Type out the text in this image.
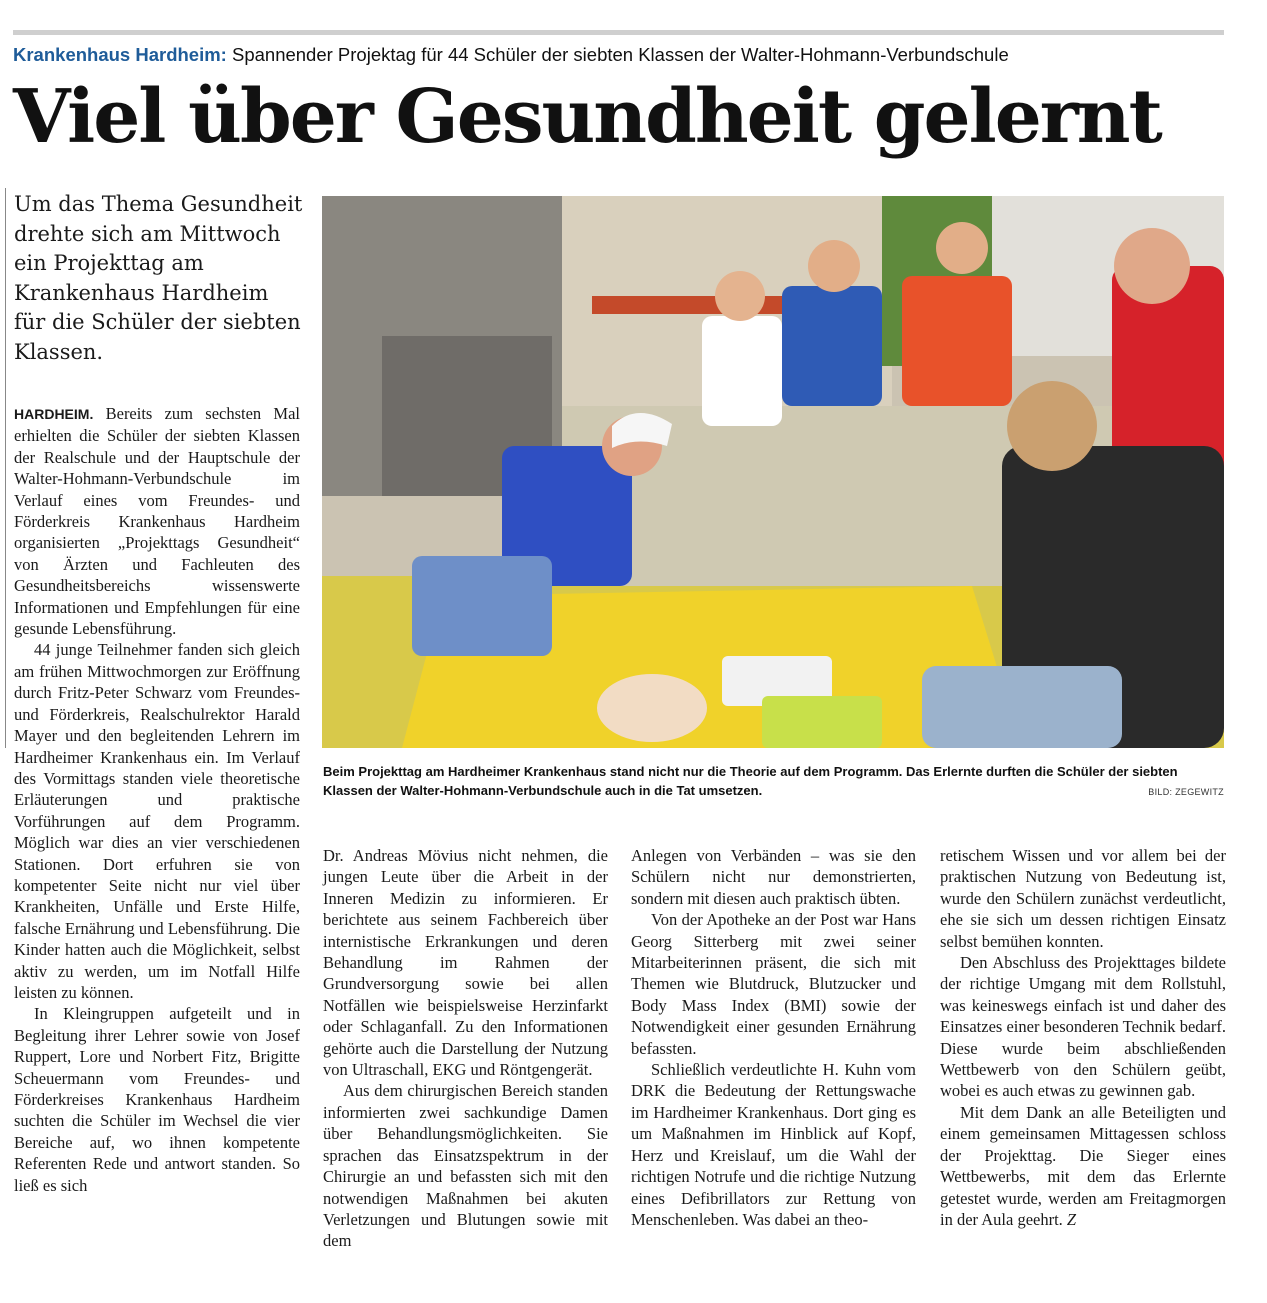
Krankenhaus Hardheim: Spannender Projektag für 44 Schüler der siebten Klassen der Walter-Hohmann-Verbundschule
Viel über Gesundheit gelernt

Um das Thema Gesundheit drehte sich am Mittwoch ein Projekttag am Krankenhaus Hardheim für die Schüler der siebten Klassen.

HARDHEIM. Bereits zum sechsten Mal erhielten die Schüler der siebten Klassen der Realschule und der Hauptschule der Walter-Hohmann-Verbundschule im Verlauf eines vom Freundes- und Förderkreis Krankenhaus Hardheim organisierten „Projekttags Gesundheit“ von Ärzten und Fachleuten des Gesundheitsbereichs wissenswerte Informationen und Empfehlungen für eine gesunde Lebensführung.

44 junge Teilnehmer fanden sich gleich am frühen Mittwochmorgen zur Eröffnung durch Fritz-Peter Schwarz vom Freundes- und Förderkreis, Realschulrektor Harald Mayer und den begleitenden Lehrern im Hardheimer Krankenhaus ein. Im Verlauf des Vormittags standen viele theoretische Erläuterungen und praktische Vorführungen auf dem Programm. Möglich war dies an vier verschiedenen Stationen. Dort erfuhren sie von kompetenter Seite nicht nur viel über Krankheiten, Unfälle und Erste Hilfe, falsche Ernährung und Lebensführung. Die Kinder hatten auch die Möglichkeit, selbst aktiv zu werden, um im Notfall Hilfe leisten zu können.

In Kleingruppen aufgeteilt und in Begleitung ihrer Lehrer sowie von Josef Ruppert, Lore und Norbert Fitz, Brigitte Scheuermann vom Freundes- und Förderkreises Krankenhaus Hardheim suchten die Schüler im Wechsel die vier Bereiche auf, wo ihnen kompetente Referenten Rede und antwort standen. So ließ es sich

Dr. Andreas Mövius nicht nehmen, die jungen Leute über die Arbeit in der Inneren Medizin zu informieren. Er berichtete aus seinem Fachbereich über internistische Erkrankungen und deren Behandlung im Rahmen der Grundversorgung sowie bei allen Notfällen wie beispielsweise Herzinfarkt oder Schlaganfall. Zu den Informationen gehörte auch die Darstellung der Nutzung von Ultraschall, EKG und Röntgengerät.

Aus dem chirurgischen Bereich standen informierten zwei sachkundige Damen über Behandlungsmöglichkeiten. Sie sprachen das Einsatzspektrum in der Chirurgie an und befassten sich mit den notwendigen Maßnahmen bei akuten Verletzungen und Blutungen sowie mit dem

Anlegen von Verbänden – was sie den Schülern nicht nur demonstrierten, sondern mit diesen auch praktisch übten.

Von der Apotheke an der Post war Hans Georg Sitterberg mit zwei seiner Mitarbeiterinnen präsent, die sich mit Themen wie Blutdruck, Blutzucker und Body Mass Index (BMI) sowie der Notwendigkeit einer gesunden Ernährung befassten.

Schließlich verdeutlichte H. Kuhn vom DRK die Bedeutung der Rettungswache im Hardheimer Krankenhaus. Dort ging es um Maßnahmen im Hinblick auf Kopf, Herz und Kreislauf, um die Wahl der richtigen Notrufe und die richtige Nutzung eines Defibrillators zur Rettung von Menschenleben. Was dabei an theo-

retischem Wissen und vor allem bei der praktischen Nutzung von Bedeutung ist, wurde den Schülern zunächst verdeutlicht, ehe sie sich um dessen richtigen Einsatz selbst bemühen konnten.

Den Abschluss des Projekttages bildete der richtige Umgang mit dem Rollstuhl, was keineswegs einfach ist und daher des Einsatzes einer besonderen Technik bedarf. Diese wurde beim abschließenden Wettbewerb von den Schülern geübt, wobei es auch etwas zu gewinnen gab.

Mit dem Dank an alle Beteiligten und einem gemeinsamen Mittagessen schloss der Projekttag. Die Sieger eines Wettbewerbs, mit dem das Erlernte getestet wurde, werden am Freitagmorgen in der Aula geehrt. Z

Beim Projekttag am Hardheimer Krankenhaus stand nicht nur die Theorie auf dem Programm. Das Erlernte durften die Schüler der siebten Klassen der Walter-Hohmann-Verbundschule auch in die Tat umsetzen.	BILD: ZEGEWITZ
